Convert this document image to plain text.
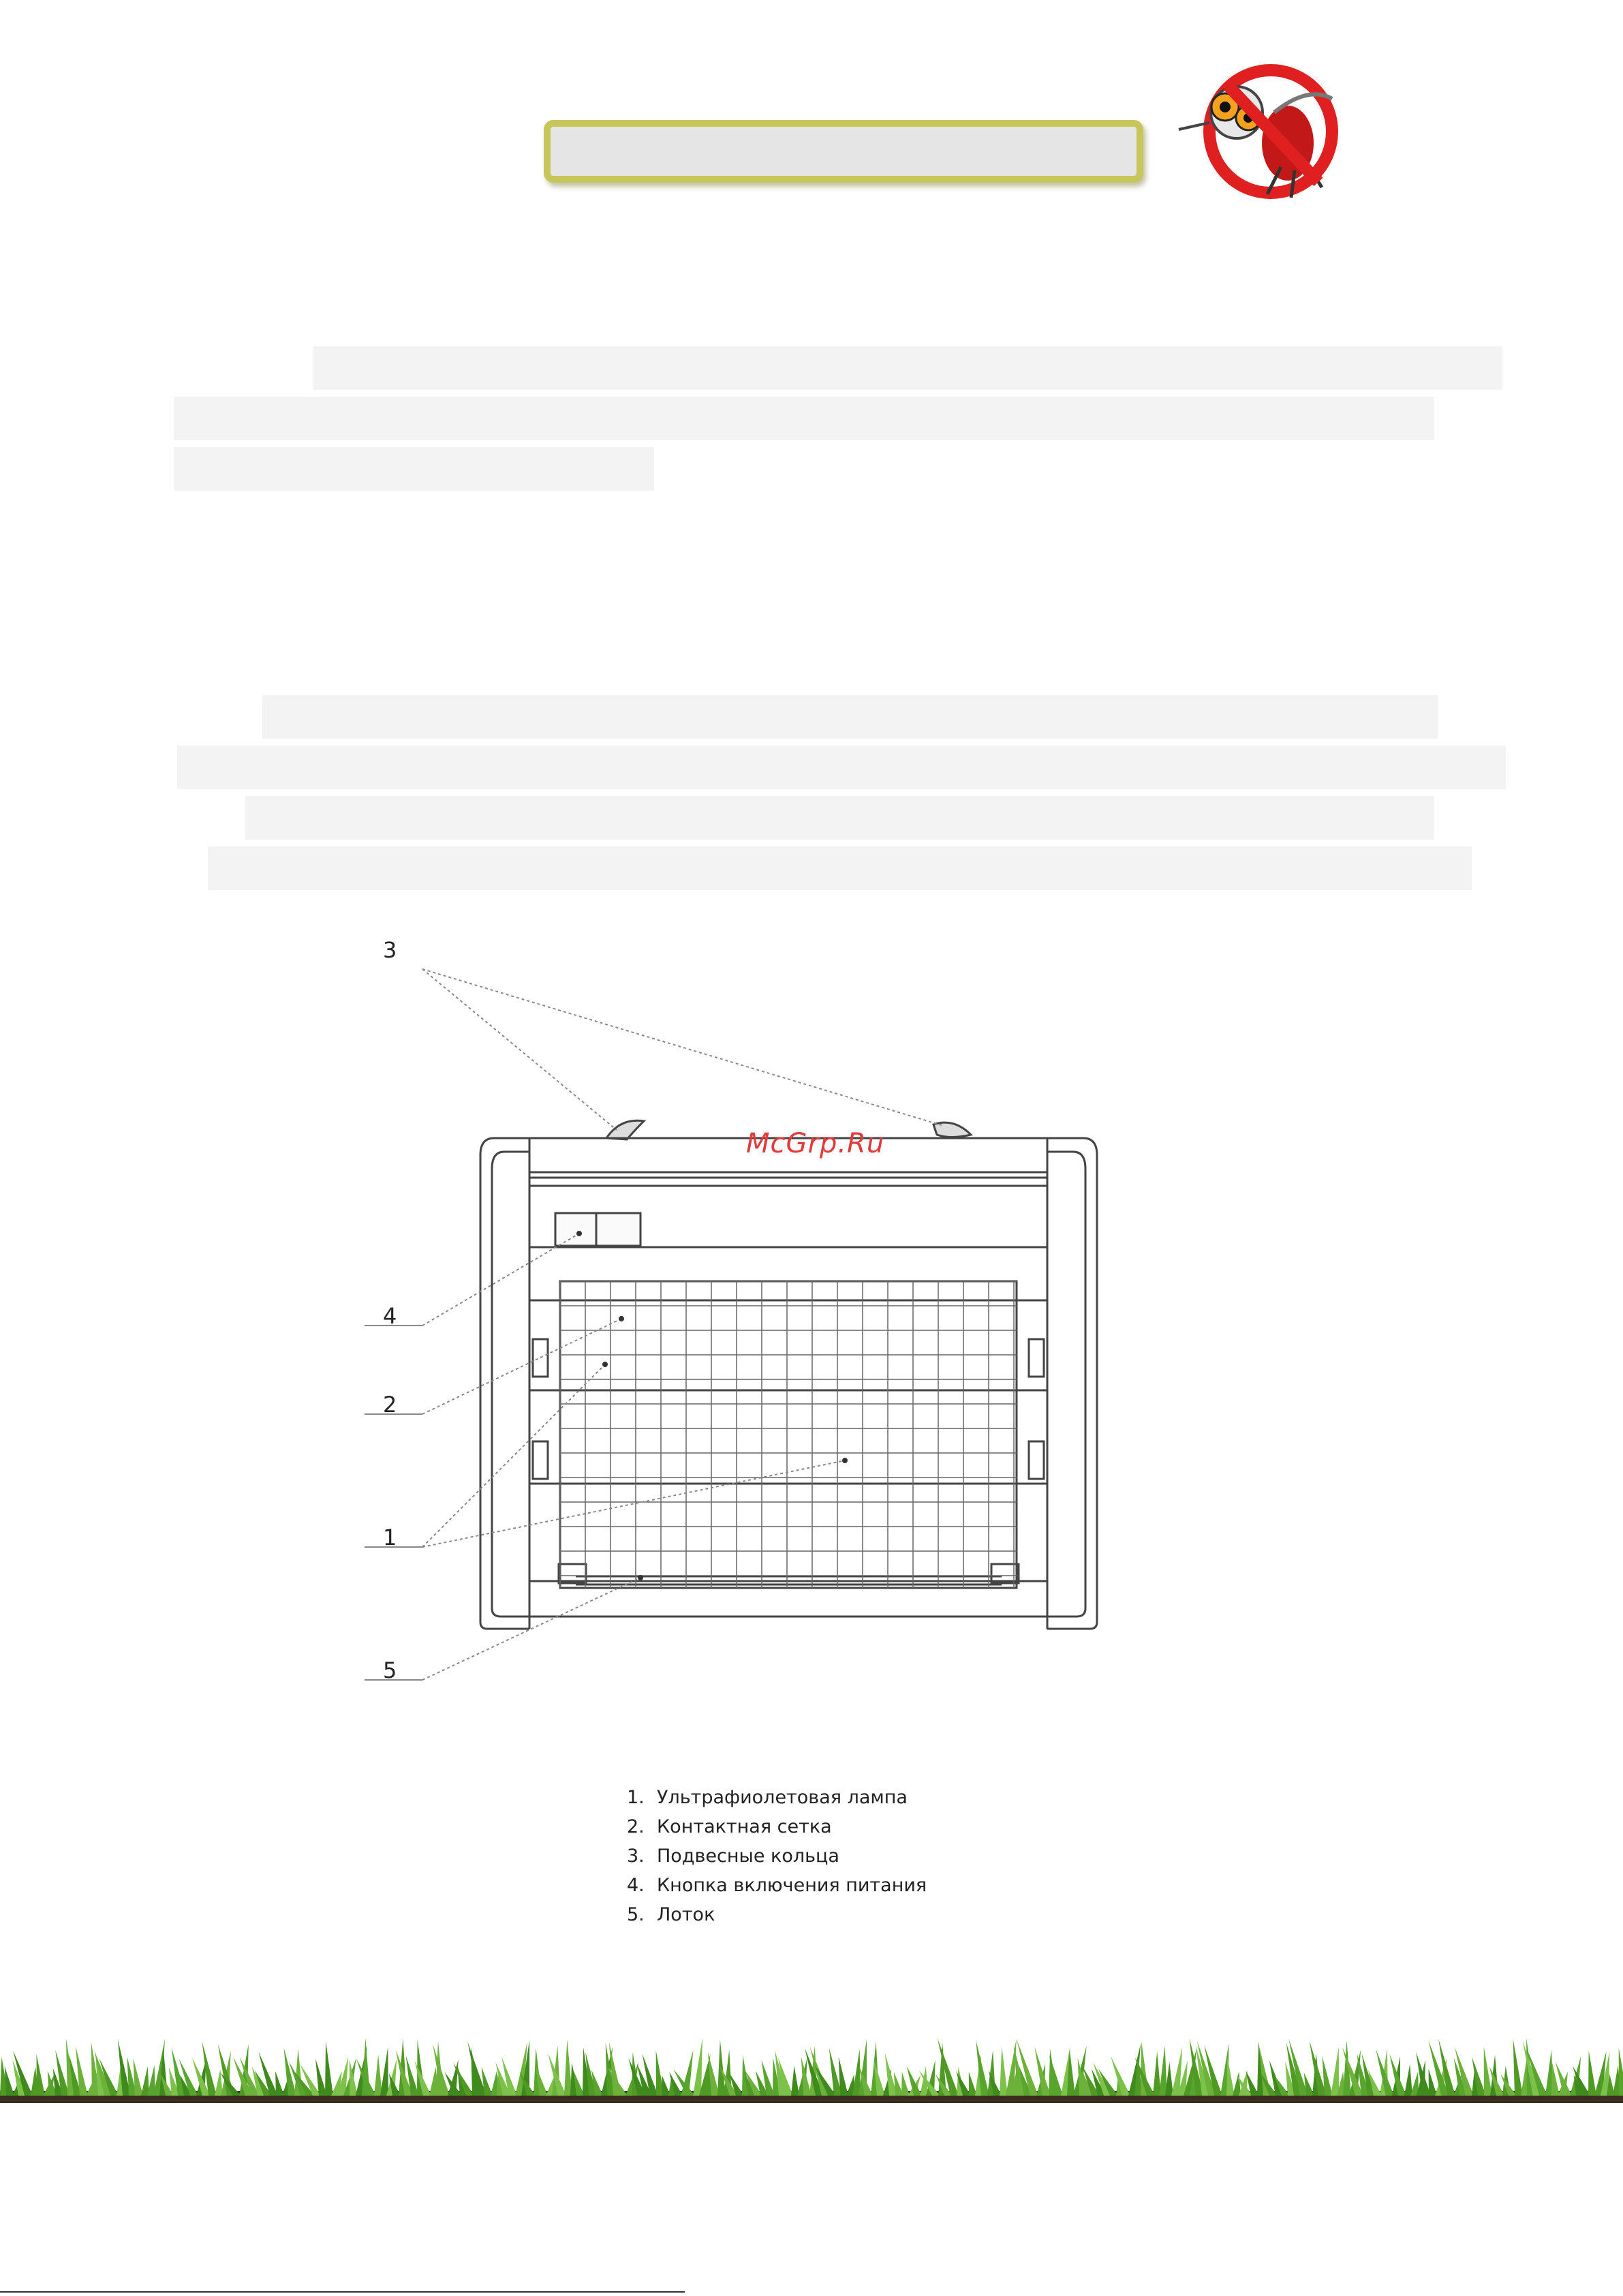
3
4
2
1
5
McGrp.Ru
1. Ультрафиолетовая лампа
2. Контактная сетка
3. Подвесные кольца
4. Кнопка включения питания
5. Лоток
